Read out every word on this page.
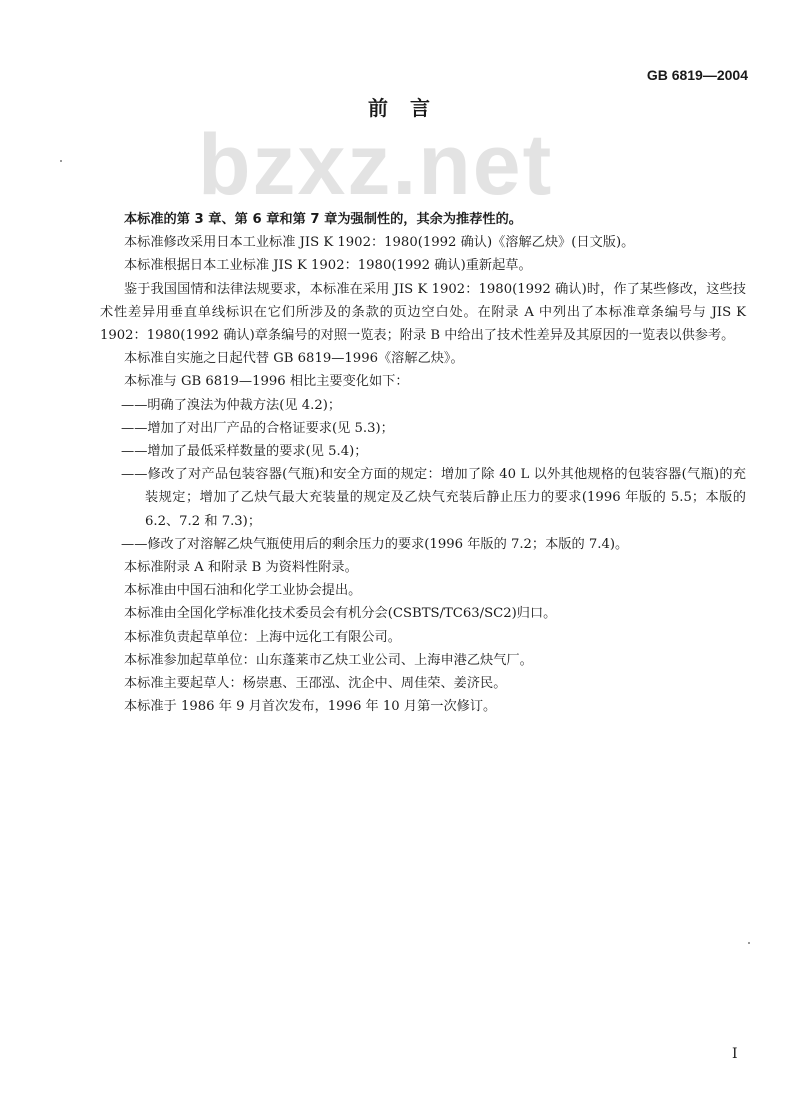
GB 6819—2004
前言
bzxz.net

本标准的第 3 章、第 6 章和第 7 章为强制性的，其余为推荐性的。

本标准修改采用日本工业标准 JIS K 1902：1980(1992 确认)《溶解乙炔》(日文版)。

本标准根据日本工业标准 JIS K 1902：1980(1992 确认)重新起草。

鉴于我国国情和法律法规要求，本标准在采用 JIS K 1902：1980(1992 确认)时，作了某些修改，这些技术性差异用垂直单线标识在它们所涉及的条款的页边空白处。在附录 A 中列出了本标准章条编号与 JIS K 1902：1980(1992 确认)章条编号的对照一览表；附录 B 中给出了技术性差异及其原因的一览表以供参考。

本标准自实施之日起代替 GB 6819—1996《溶解乙炔》。

本标准与 GB 6819—1996 相比主要变化如下：

——明确了溴法为仲裁方法(见 4.2)；

——增加了对出厂产品的合格证要求(见 5.3)；

——增加了最低采样数量的要求(见 5.4)；

——修改了对产品包装容器(气瓶)和安全方面的规定：增加了除 40 L 以外其他规格的包装容器(气瓶)的充装规定；增加了乙炔气最大充装量的规定及乙炔气充装后静止压力的要求(1996 年版的 5.5；本版的 6.2、7.2 和 7.3)；

——修改了对溶解乙炔气瓶使用后的剩余压力的要求(1996 年版的 7.2；本版的 7.4)。

本标准附录 A 和附录 B 为资料性附录。

本标准由中国石油和化学工业协会提出。

本标准由全国化学标准化技术委员会有机分会(CSBTS/TC63/SC2)归口。

本标准负责起草单位：上海中远化工有限公司。

本标准参加起草单位：山东蓬莱市乙炔工业公司、上海申港乙炔气厂。

本标准主要起草人：杨崇惠、王邵泓、沈企中、周佳荣、姜济民。

本标准于 1986 年 9 月首次发布，1996 年 10 月第一次修订。

I
